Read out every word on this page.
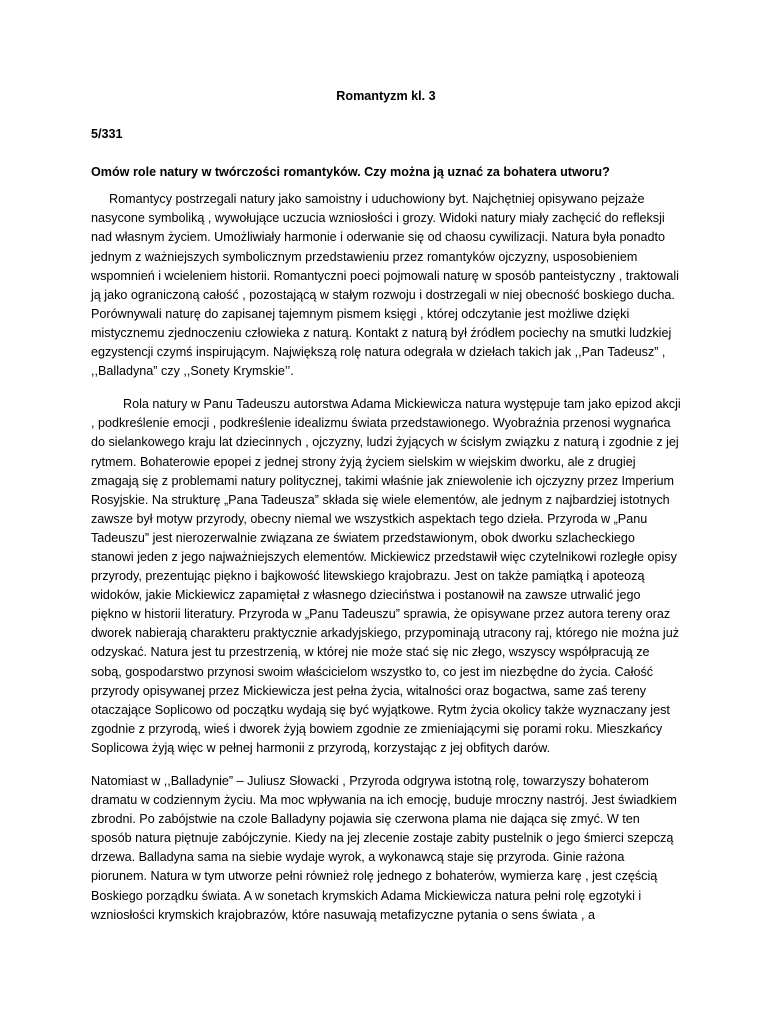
Romantyzm kl. 3
5/331
Omów role natury w twórczości romantyków. Czy można ją uznać za bohatera utworu?

Romantycy postrzegali natury jako samoistny i uduchowiony byt. Najchętniej opisywano pejzaże nasycone symboliką , wywołujące uczucia wzniosłości i grozy. Widoki natury miały zachęcić do refleksji nad własnym życiem. Umożliwiały harmonie i oderwanie się od chaosu cywilizacji. Natura była ponadto jednym z ważniejszych symbolicznym przedstawieniu przez romantyków ojczyzny, usposobieniem wspomnień i wcieleniem historii. Romantyczni poeci pojmowali naturę w sposób panteistyczny , traktowali ją jako ograniczoną całość , pozostającą w stałym rozwoju i dostrzegali w niej obecność boskiego ducha. Porównywali naturę do zapisanej tajemnym pismem księgi , której odczytanie jest możliwe dzięki mistycznemu zjednoczeniu człowieka z naturą. Kontakt z naturą był źródłem pociechy na smutki ludzkiej egzystencji czymś inspirującym. Największą rolę natura odegrała w dziełach takich jak ,,Pan Tadeusz” , ,,Balladyna” czy ,,Sonety Krymskie’’.

Rola natury w Panu Tadeuszu autorstwa Adama Mickiewicza natura występuje tam jako epizod akcji , podkreślenie emocji , podkreślenie idealizmu świata przedstawionego. Wyobraźnia przenosi wygnańca do sielankowego kraju lat dziecinnych , ojczyzny, ludzi żyjących w ścisłym związku z naturą i zgodnie z jej rytmem. Bohaterowie epopei z jednej strony żyją życiem sielskim w wiejskim dworku, ale z drugiej zmagają się z problemami natury politycznej, takimi właśnie jak zniewolenie ich ojczyzny przez Imperium Rosyjskie. Na strukturę „Pana Tadeusza” składa się wiele elementów, ale jednym z najbardziej istotnych zawsze był motyw przyrody, obecny niemal we wszystkich aspektach tego dzieła. Przyroda w „Panu Tadeuszu” jest nierozerwalnie związana ze światem przedstawionym, obok dworku szlacheckiego stanowi jeden z jego najważniejszych elementów. Mickiewicz przedstawił więc czytelnikowi rozległe opisy przyrody, prezentując piękno i bajkowość litewskiego krajobrazu. Jest on także pamiątką i apoteozą widoków, jakie Mickiewicz zapamiętał z własnego dzieciństwa i postanowił na zawsze utrwalić jego piękno w historii literatury. Przyroda w „Panu Tadeuszu” sprawia, że opisywane przez autora tereny oraz dworek nabierają charakteru praktycznie arkadyjskiego, przypominają utracony raj, którego nie można już odzyskać. Natura jest tu przestrzenią, w której nie może stać się nic złego, wszyscy współpracują ze sobą, gospodarstwo przynosi swoim właścicielom wszystko to, co jest im niezbędne do życia. Całość przyrody opisywanej przez Mickiewicza jest pełna życia, witalności oraz bogactwa, same zaś tereny otaczające Soplicowo od początku wydają się być wyjątkowe. Rytm życia okolicy także wyznaczany jest zgodnie z przyrodą, wieś i dworek żyją bowiem zgodnie ze zmieniającymi się porami roku. Mieszkańcy Soplicowa żyją więc w pełnej harmonii z przyrodą, korzystając z jej obfitych darów.

Natomiast w ,,Balladynie” – Juliusz Słowacki , Przyroda odgrywa istotną rolę, towarzyszy bohaterom dramatu w codziennym życiu. Ma moc wpływania na ich emocję, buduje mroczny nastrój. Jest świadkiem zbrodni. Po zabójstwie na czole Balladyny pojawia się czerwona plama nie dająca się zmyć. W ten sposób natura piętnuje zabójczynie. Kiedy na jej zlecenie zostaje zabity pustelnik o jego śmierci szepczą drzewa. Balladyna sama na siebie wydaje wyrok, a wykonawcą staje się przyroda. Ginie rażona piorunem. Natura w tym utworze pełni również rolę jednego z bohaterów, wymierza karę , jest częścią Boskiego porządku świata. A w sonetach krymskich Adama Mickiewicza natura pełni rolę egzotyki i wzniosłości krymskich krajobrazów, które nasuwają metafizyczne pytania o sens świata , a
